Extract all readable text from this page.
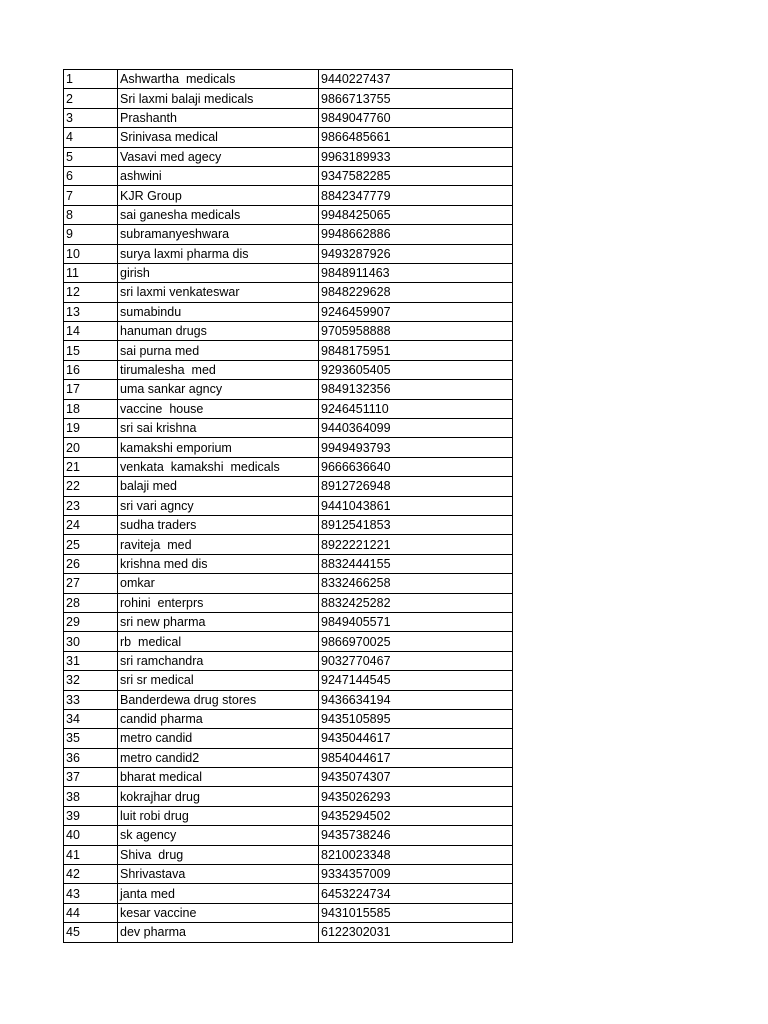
1	Ashwartha  medicals	9440227437
2	Sri laxmi balaji medicals	9866713755
3	Prashanth	9849047760
4	Srinivasa medical	9866485661
5	Vasavi med agecy	9963189933
6	ashwini	9347582285
7	KJR Group	8842347779
8	sai ganesha medicals	9948425065
9	subramanyeshwara	9948662886
10	surya laxmi pharma dis	9493287926
11	girish	9848911463
12	sri laxmi venkateswar	9848229628
13	sumabindu	9246459907
14	hanuman drugs	9705958888
15	sai purna med	9848175951
16	tirumalesha  med	9293605405
17	uma sankar agncy	9849132356
18	vaccine  house	9246451110
19	sri sai krishna	9440364099
20	kamakshi emporium	9949493793
21	venkata  kamakshi  medicals	9666636640
22	balaji med	8912726948
23	sri vari agncy	9441043861
24	sudha traders	8912541853
25	raviteja  med	8922221221
26	krishna med dis	8832444155
27	omkar	8332466258
28	rohini  enterprs	8832425282
29	sri new pharma	9849405571
30	rb  medical	9866970025
31	sri ramchandra	9032770467
32	sri sr medical	9247144545
33	Banderdewa drug stores	9436634194
34	candid pharma	9435105895
35	metro candid	9435044617
36	metro candid2	9854044617
37	bharat medical	9435074307
38	kokrajhar drug	9435026293
39	luit robi drug	9435294502
40	sk agency	9435738246
41	Shiva  drug	8210023348
42	Shrivastava	9334357009
43	janta med	6453224734
44	kesar vaccine	9431015585
45	dev pharma	6122302031
